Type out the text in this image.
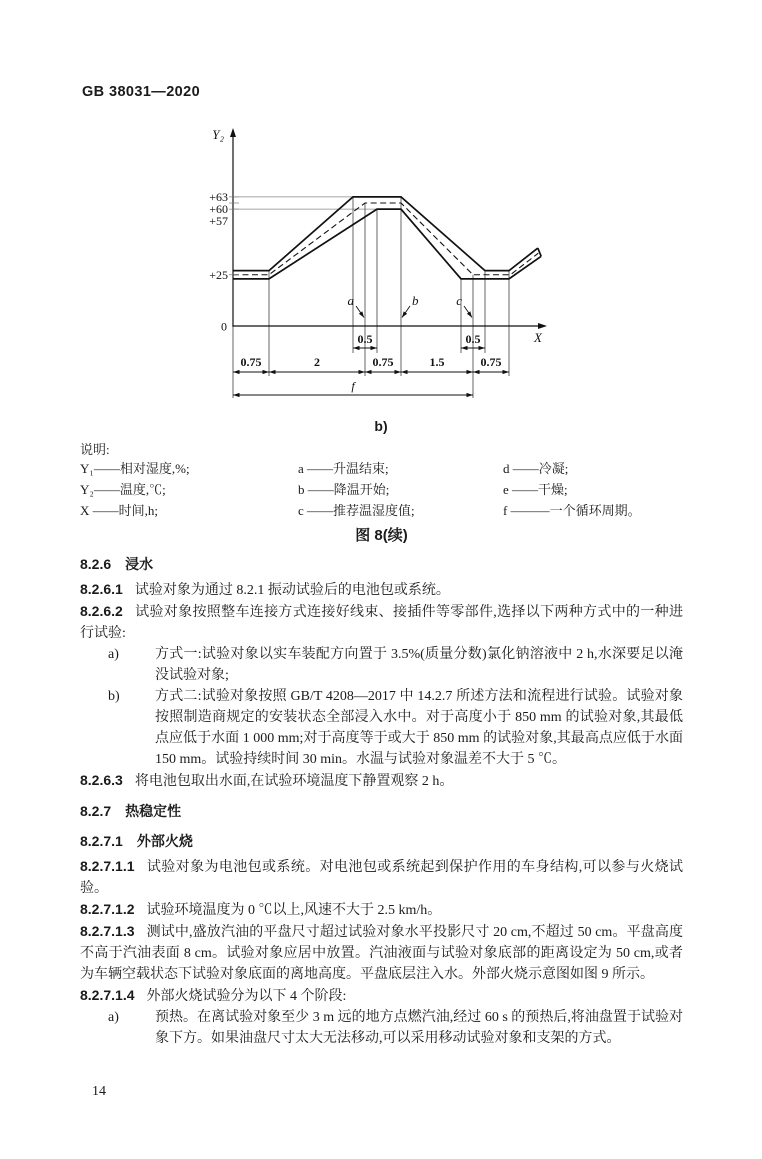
GB 38031—2020
0.75	2	0.75	1.5	0.75
0.5	0.5
f
Y₂
X
0
+63
+60
+57
+25
a	b	c
b)
说明:
Y₁——相对湿度,%;	a ——升温结束;	d ——冷凝;
Y₂——温度,℃;	b ——降温开始;	e ——干燥;
X ——时间,h;	c ——推荐温湿度值;	f ———一个循环周期。
图 8(续)
8.2.6 浸水

8.2.6.1 试验对象为通过 8.2.1 振动试验后的电池包或系统。

8.2.6.2 试验对象按照整车连接方式连接好线束、接插件等零部件,选择以下两种方式中的一种进行试验:

a)	方式一:试验对象以实车装配方向置于 3.5%(质量分数)氯化钠溶液中 2 h,水深要足以淹没试验对象;
b)	方式二:试验对象按照 GB/T 4208—2017 中 14.2.7 所述方法和流程进行试验。试验对象按照制造商规定的安装状态全部浸入水中。对于高度小于 850 mm 的试验对象,其最低点应低于水面 1 000 mm;对于高度等于或大于 850 mm 的试验对象,其最高点应低于水面 150 mm。试验持续时间 30 min。水温与试验对象温差不大于 5 ℃。

8.2.6.3 将电池包取出水面,在试验环境温度下静置观察 2 h。

8.2.7 热稳定性
8.2.7.1 外部火烧

8.2.7.1.1 试验对象为电池包或系统。对电池包或系统起到保护作用的车身结构,可以参与火烧试验。

8.2.7.1.2 试验环境温度为 0 ℃以上,风速不大于 2.5 km/h。

8.2.7.1.3 测试中,盛放汽油的平盘尺寸超过试验对象水平投影尺寸 20 cm,不超过 50 cm。平盘高度不高于汽油表面 8 cm。试验对象应居中放置。汽油液面与试验对象底部的距离设定为 50 cm,或者为车辆空载状态下试验对象底面的离地高度。平盘底层注入水。外部火烧示意图如图 9 所示。

8.2.7.1.4 外部火烧试验分为以下 4 个阶段:

a)	预热。在离试验对象至少 3 m 远的地方点燃汽油,经过 60 s 的预热后,将油盘置于试验对象下方。如果油盘尺寸太大无法移动,可以采用移动试验对象和支架的方式。
14
